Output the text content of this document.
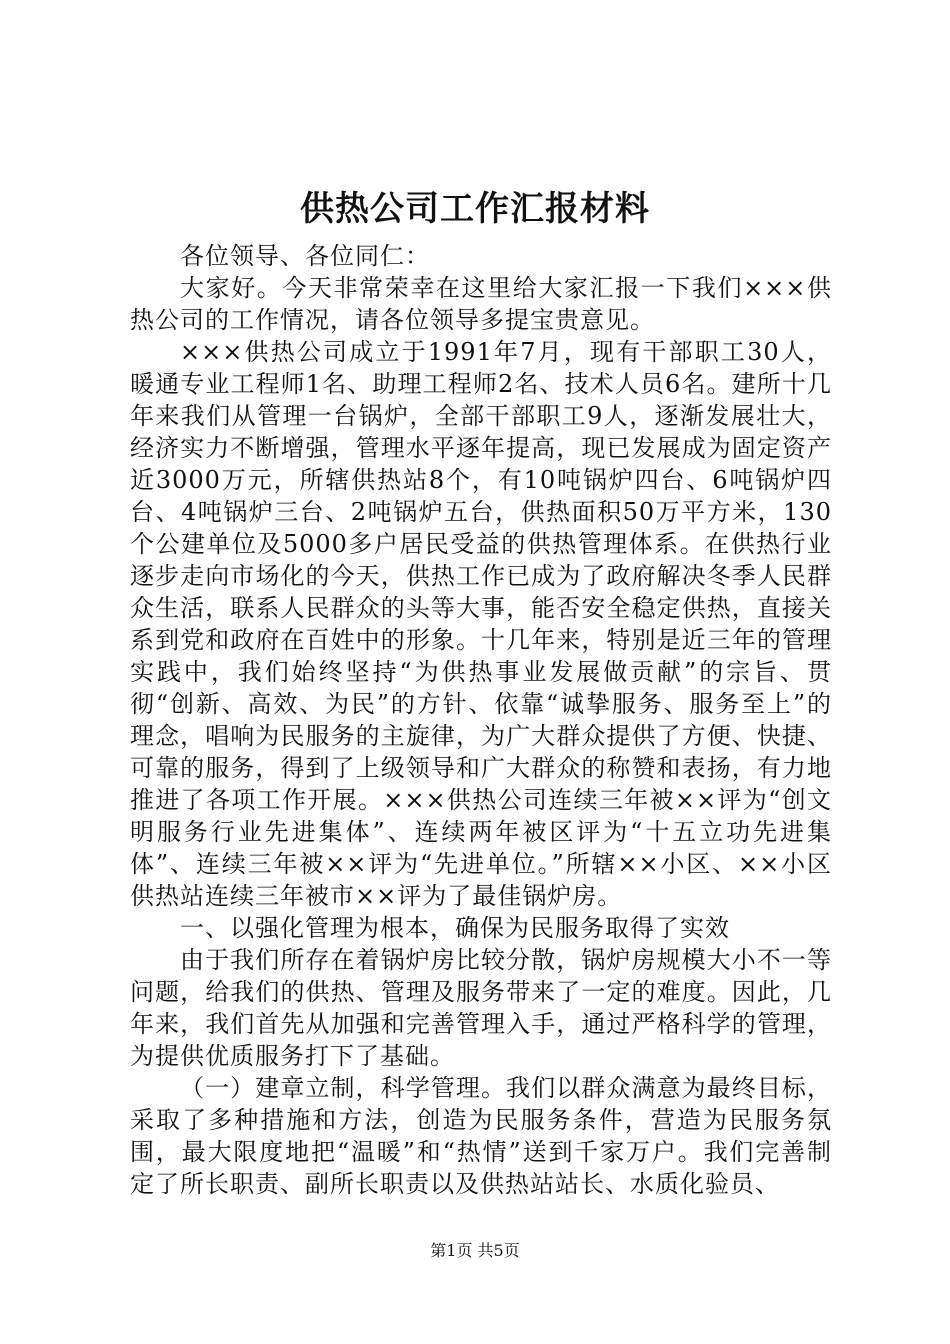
供热公司工作汇报材料

各位领导、各位同仁：

大家好。今天非常荣幸在这里给大家汇报一下我们×××供热公司的工作情况，请各位领导多提宝贵意见。

×××供热公司成立于1991年7月，现有干部职工30人，暖通专业工程师1名、助理工程师2名、技术人员6名。建所十几年来我们从管理一台锅炉，全部干部职工9人，逐渐发展壮大，经济实力不断增强，管理水平逐年提高，现已发展成为固定资产近3000万元，所辖供热站8个，有10吨锅炉四台、6吨锅炉四台、4吨锅炉三台、2吨锅炉五台，供热面积50万平方米，130个公建单位及5000多户居民受益的供热管理体系。在供热行业逐步走向市场化的今天，供热工作已成为了政府解决冬季人民群众生活，联系人民群众的头等大事，能否安全稳定供热，直接关系到党和政府在百姓中的形象。十几年来，特别是近三年的管理实践中，我们始终坚持“为供热事业发展做贡献”的宗旨、贯彻“创新、高效、为民”的方针、依靠“诚挚服务、服务至上”的理念，唱响为民服务的主旋律，为广大群众提供了方便、快捷、可靠的服务，得到了上级领导和广大群众的称赞和表扬，有力地推进了各项工作开展。×××供热公司连续三年被××评为“创文明服务行业先进集体”、连续两年被区评为“十五立功先进集体”、连续三年被××评为“先进单位。”所辖××小区、××小区供热站连续三年被市××评为了最佳锅炉房。

一、以强化管理为根本，确保为民服务取得了实效

由于我们所存在着锅炉房比较分散，锅炉房规模大小不一等问题，给我们的供热、管理及服务带来了一定的难度。因此，几年来，我们首先从加强和完善管理入手，通过严格科学的管理，为提供优质服务打下了基础。

（一）建章立制，科学管理。我们以群众满意为最终目标，采取了多种措施和方法，创造为民服务条件，营造为民服务氛围，最大限度地把“温暖”和“热情”送到千家万户。我们完善制定了所长职责、副所长职责以及供热站站长、水质化验员、

第1页 共5页
